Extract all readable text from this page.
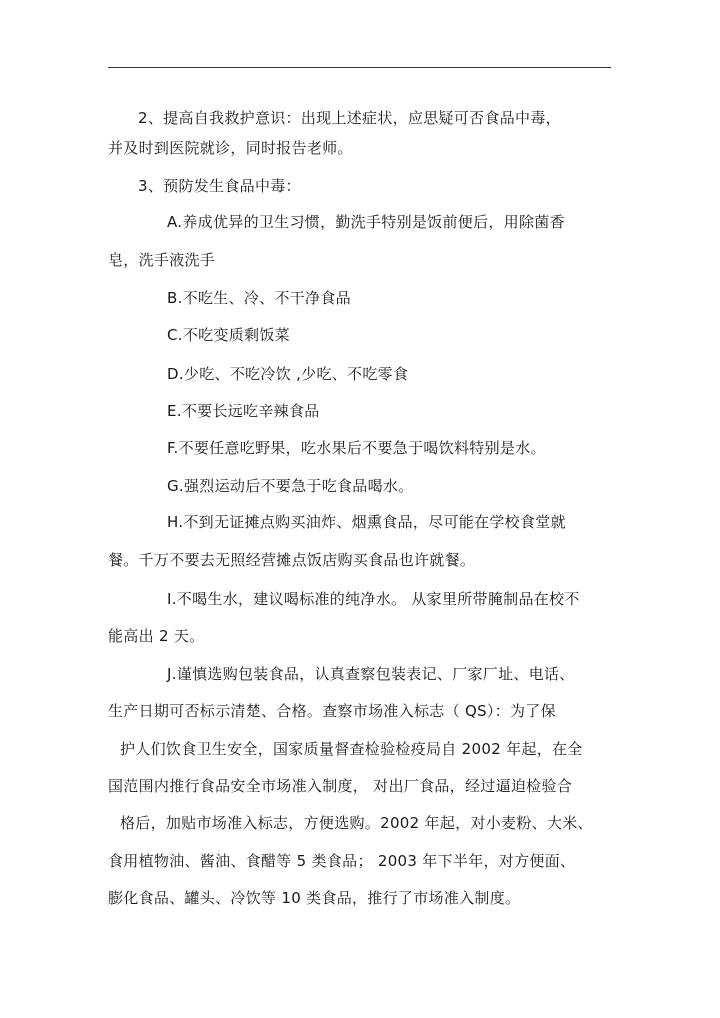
2、提高自我救护意识：出现上述症状，应思疑可否食品中毒，
并及时到医院就诊，同时报告老师。
3、预防发生食品中毒：
A.养成优异的卫生习惯，勤洗手特别是饭前便后，用除菌香
皂，洗手液洗手
B.不吃生、冷、不干净食品
C.不吃变质剩饭菜
D.少吃、不吃冷饮 ,少吃、不吃零食
E.不要长远吃辛辣食品
F.不要任意吃野果，吃水果后不要急于喝饮料特别是水。
G.强烈运动后不要急于吃食品喝水。
H.不到无证摊点购买油炸、烟熏食品，尽可能在学校食堂就
餐。千万不要去无照经营摊点饭店购买食品也许就餐。
I.不喝生水，建议喝标准的纯净水。 从家里所带腌制品在校不
能高出 2 天。
J.谨慎选购包装食品，认真查察包装表记、厂家厂址、电话、
生产日期可否标示清楚、合格。查察市场准入标志（ QS）：为了保
护人们饮食卫生安全，国家质量督查检验检疫局自 2002 年起，在全
国范围内推行食品安全市场准入制度， 对出厂食品，经过逼迫检验合
格后，加贴市场准入标志，方便选购。2002 年起，对小麦粉、大米、
食用植物油、酱油、食醋等 5 类食品； 2003 年下半年，对方便面、
膨化食品、罐头、冷饮等 10 类食品，推行了市场准入制度。
